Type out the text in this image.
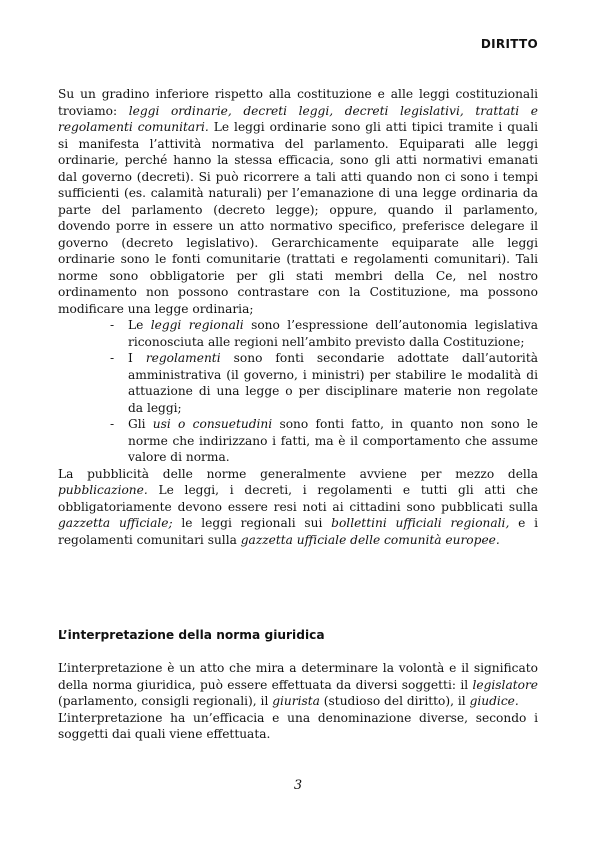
DIRITTO

Su un gradino inferiore rispetto alla costituzione e alle leggi costituzionali troviamo: leggi ordinarie, decreti leggi, decreti legislativi, trattati e regolamenti comunitari. Le leggi ordinarie sono gli atti tipici tramite i quali si manifesta l’attività normativa del parlamento. Equiparati alle leggi ordinarie, perché hanno la stessa efficacia, sono gli atti normativi emanati dal governo (decreti). Si può ricorrere a tali atti quando non ci sono i tempi sufficienti (es. calamità naturali) per l’emanazione di una legge ordinaria da parte del parlamento (decreto legge); oppure, quando il parlamento, dovendo porre in essere un atto normativo specifico, preferisce delegare il governo (decreto legislativo). Gerarchicamente equiparate alle leggi ordinarie sono le fonti comunitarie (trattati e regolamenti comunitari). Tali norme sono obbligatorie per gli stati membri della Ce, nel nostro ordinamento non possono contrastare con la Costituzione, ma possono modificare una legge ordinaria;

- Le leggi regionali sono l’espressione dell’autonomia legislativa riconosciuta alle regioni nell’ambito previsto dalla Costituzione;
- I regolamenti sono fonti secondarie adottate dall’autorità amministrativa (il governo, i ministri) per stabilire le modalità di attuazione di una legge o per disciplinare materie non regolate da leggi;
- Gli usi o consuetudini sono fonti fatto, in quanto non sono le norme che indirizzano i fatti, ma è il comportamento che assume valore di norma.

La pubblicità delle norme generalmente avviene per mezzo della pubblicazione. Le leggi, i decreti, i regolamenti e tutti gli atti che obbligatoriamente devono essere resi noti ai cittadini sono pubblicati sulla gazzetta ufficiale; le leggi regionali sui bollettini ufficiali regionali, e i regolamenti comunitari sulla gazzetta ufficiale delle comunità europee.

L’interpretazione della norma giuridica

L’interpretazione è un atto che mira a determinare la volontà e il significato della norma giuridica, può essere effettuata da diversi soggetti: il legislatore (parlamento, consigli regionali), il giurista (studioso del diritto), il giudice.

L’interpretazione ha un’efficacia e una denominazione diverse, secondo i soggetti dai quali viene effettuata.

3
